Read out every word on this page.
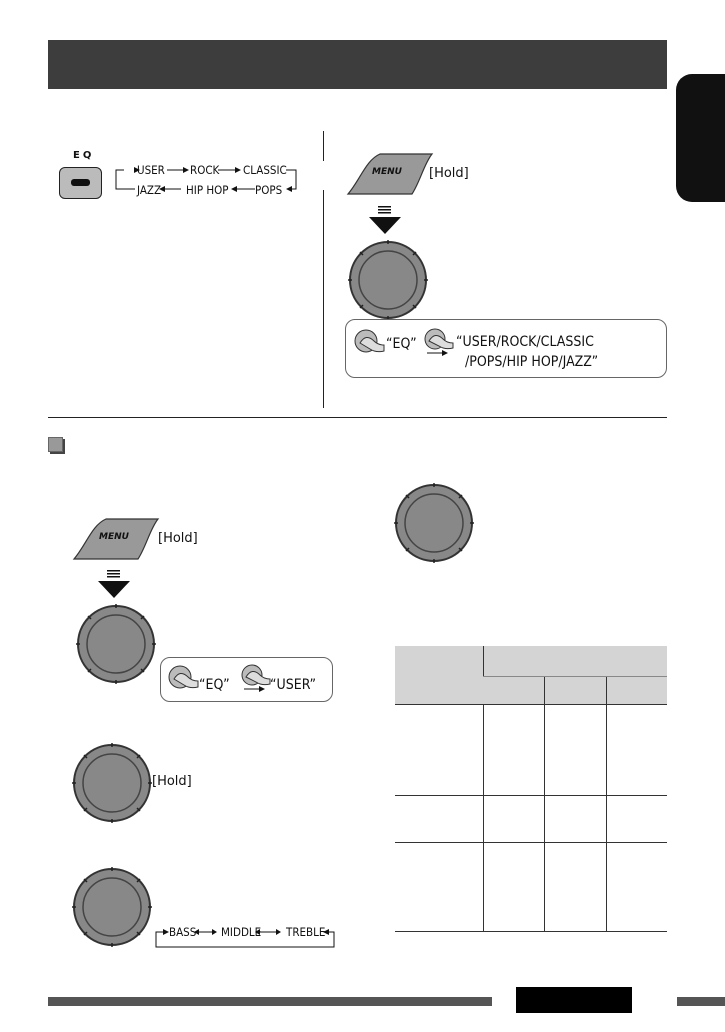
EQ
USER ROCK CLASSIC
JAZZ HIP HOP POPS
MENU [Hold]
“EQ”	“USER/ROCK/CLASSIC
/POPS/HIP HOP/JAZZ”
MENU [Hold]
“EQ”	“USER”
[Hold]
BASS MIDDLE TREBLE
